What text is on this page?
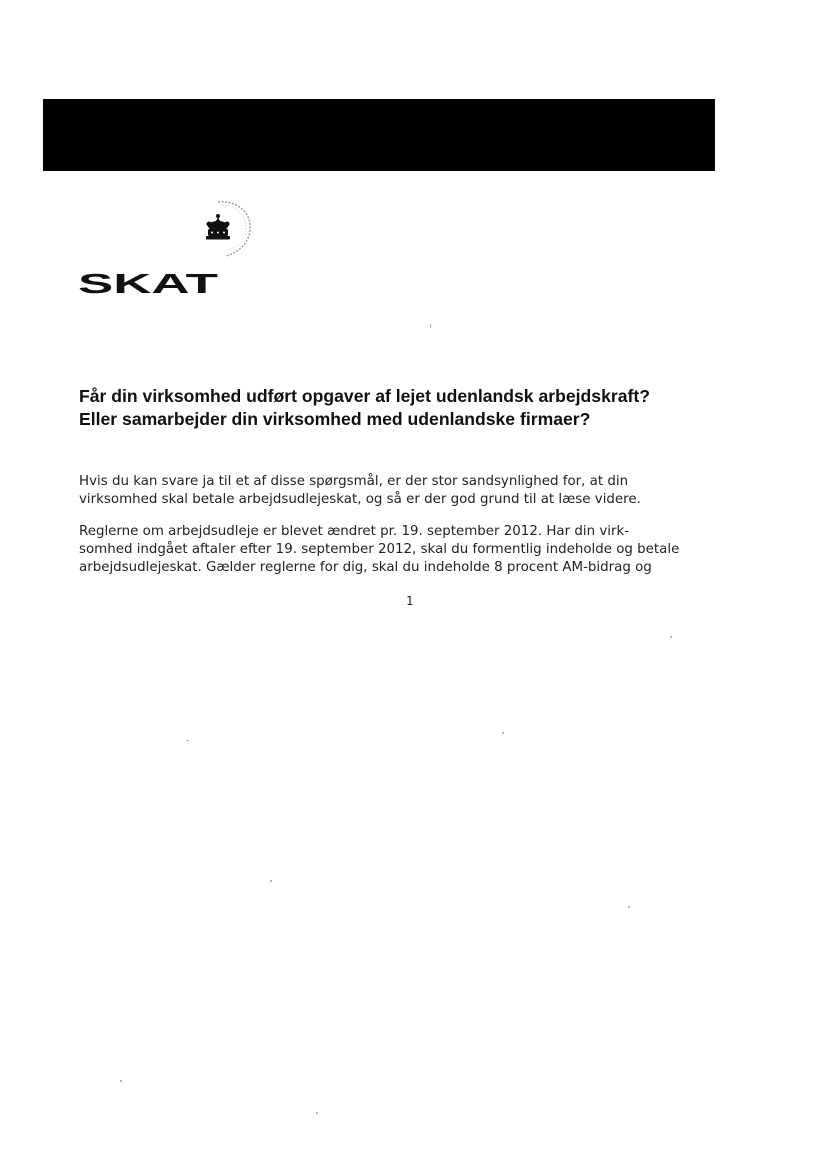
SKAT
Får din virksomhed udført opgaver af lejet udenlandsk arbejdskraft?
Eller samarbejder din virksomhed med udenlandske firmaer?
Hvis du kan svare ja til et af disse spørgsmål, er der stor sandsynlighed for, at din
virksomhed skal betale arbejdsudlejeskat, og så er der god grund til at læse videre.
Reglerne om arbejdsudleje er blevet ændret pr. 19. september 2012. Har din virk-
somhed indgået aftaler efter 19. september 2012, skal du formentlig indeholde og betale
arbejdsudlejeskat. Gælder reglerne for dig, skal du indeholde 8 procent AM-bidrag og
1
